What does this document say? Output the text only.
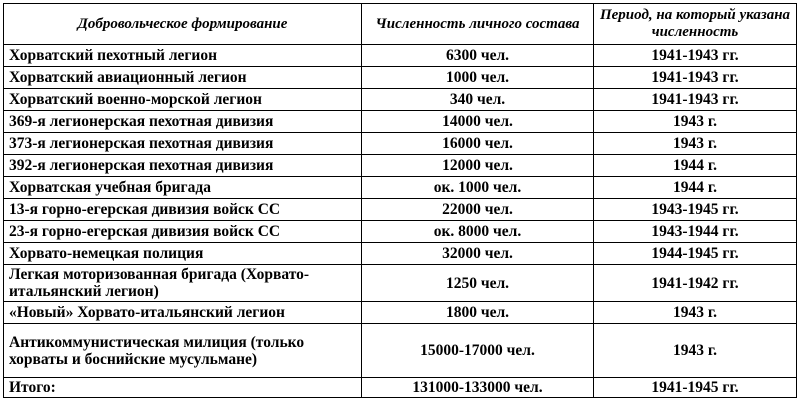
Добровольческое формирование	Численность личного состава	Период, на который указана численность
Хорватский пехотный легион	6300 чел.	1941-1943 гг.
Хорватский авиационный легион	1000 чел.	1941-1943 гг.
Хорватский военно-морской легион	340 чел.	1941-1943 гг.
369-я легионерская пехотная дивизия	14000 чел.	1943 г.
373-я легионерская пехотная дивизия	16000 чел.	1943 г.
392-я легионерская пехотная дивизия	12000 чел.	1944 г.
Хорватская учебная бригада	ок. 1000 чел.	1944 г.
13-я горно-егерская дивизия войск СС	22000 чел.	1943-1945 гг.
23-я горно-егерская дивизия войск СС	ок. 8000 чел.	1943-1944 гг.
Хорвато-немецкая полиция	32000 чел.	1944-1945 гг.
Легкая моторизованная бригада (Хорвато-итальянский легион)	1250 чел.	1941-1942 гг.
«Новый» Хорвато-итальянский легион	1800 чел.	1943 г.
Антикоммунистическая милиция (только хорваты и боснийские мусульмане)	15000-17000 чел.	1943 г.
Итого:	131000-133000 чел.	1941-1945 гг.
